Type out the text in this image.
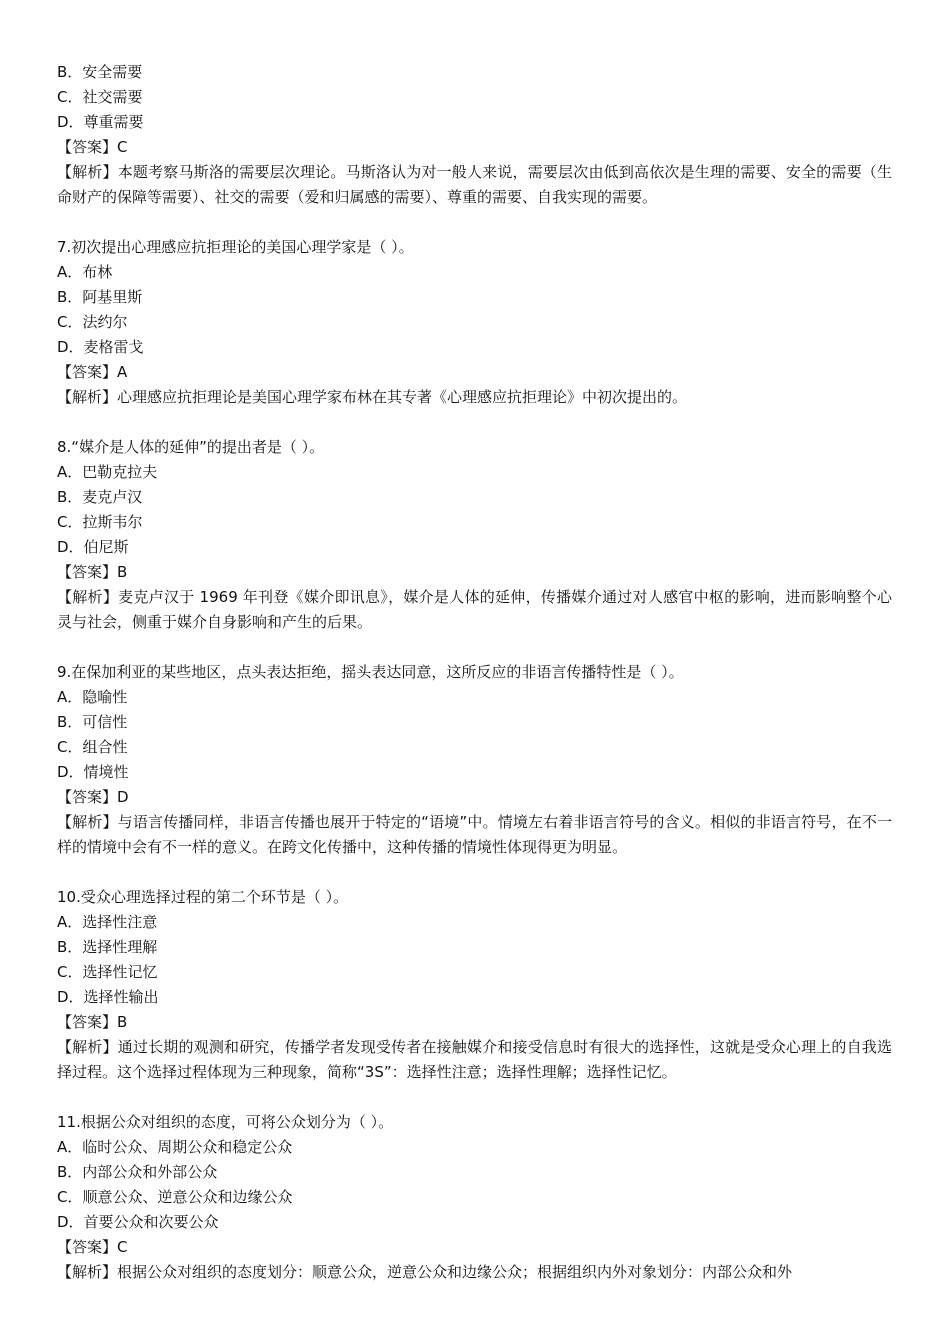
B．安全需要
C．社交需要
D．尊重需要
【答案】C
【解析】本题考察马斯洛的需要层次理论。马斯洛认为对一般人来说，需要层次由低到高依次是生理的需要、安全的需要（生命财产的保障等需要）、社交的需要（爱和归属感的需要）、尊重的需要、自我实现的需要。
7.初次提出心理感应抗拒理论的美国心理学家是（ ）。
A．布林
B．阿基里斯
C．法约尔
D．麦格雷戈
【答案】A
【解析】心理感应抗拒理论是美国心理学家布林在其专著《心理感应抗拒理论》中初次提出的。
8.“媒介是人体的延伸”的提出者是（ ）。
A．巴勒克拉夫
B．麦克卢汉
C．拉斯韦尔
D．伯尼斯
【答案】B
【解析】麦克卢汉于 1969 年刊登《媒介即讯息》，媒介是人体的延伸，传播媒介通过对人感官中枢的影响，进而影响整个心灵与社会，侧重于媒介自身影响和产生的后果。
9.在保加利亚的某些地区，点头表达拒绝，摇头表达同意，这所反应的非语言传播特性是（ ）。
A．隐喻性
B．可信性
C．组合性
D．情境性
【答案】D
【解析】与语言传播同样，非语言传播也展开于特定的“语境”中。情境左右着非语言符号的含义。相似的非语言符号，在不一样的情境中会有不一样的意义。在跨文化传播中，这种传播的情境性体现得更为明显。
10.受众心理选择过程的第二个环节是（ ）。
A．选择性注意
B．选择性理解
C．选择性记忆
D．选择性输出
【答案】B
【解析】通过长期的观测和研究，传播学者发现受传者在接触媒介和接受信息时有很大的选择性，这就是受众心理上的自我选择过程。这个选择过程体现为三种现象，简称“3S”：选择性注意；选择性理解；选择性记忆。
11.根据公众对组织的态度，可将公众划分为（ ）。
A．临时公众、周期公众和稳定公众
B．内部公众和外部公众
C．顺意公众、逆意公众和边缘公众
D．首要公众和次要公众
【答案】C
【解析】根据公众对组织的态度划分：顺意公众，逆意公众和边缘公众；根据组织内外对象划分：内部公众和外
